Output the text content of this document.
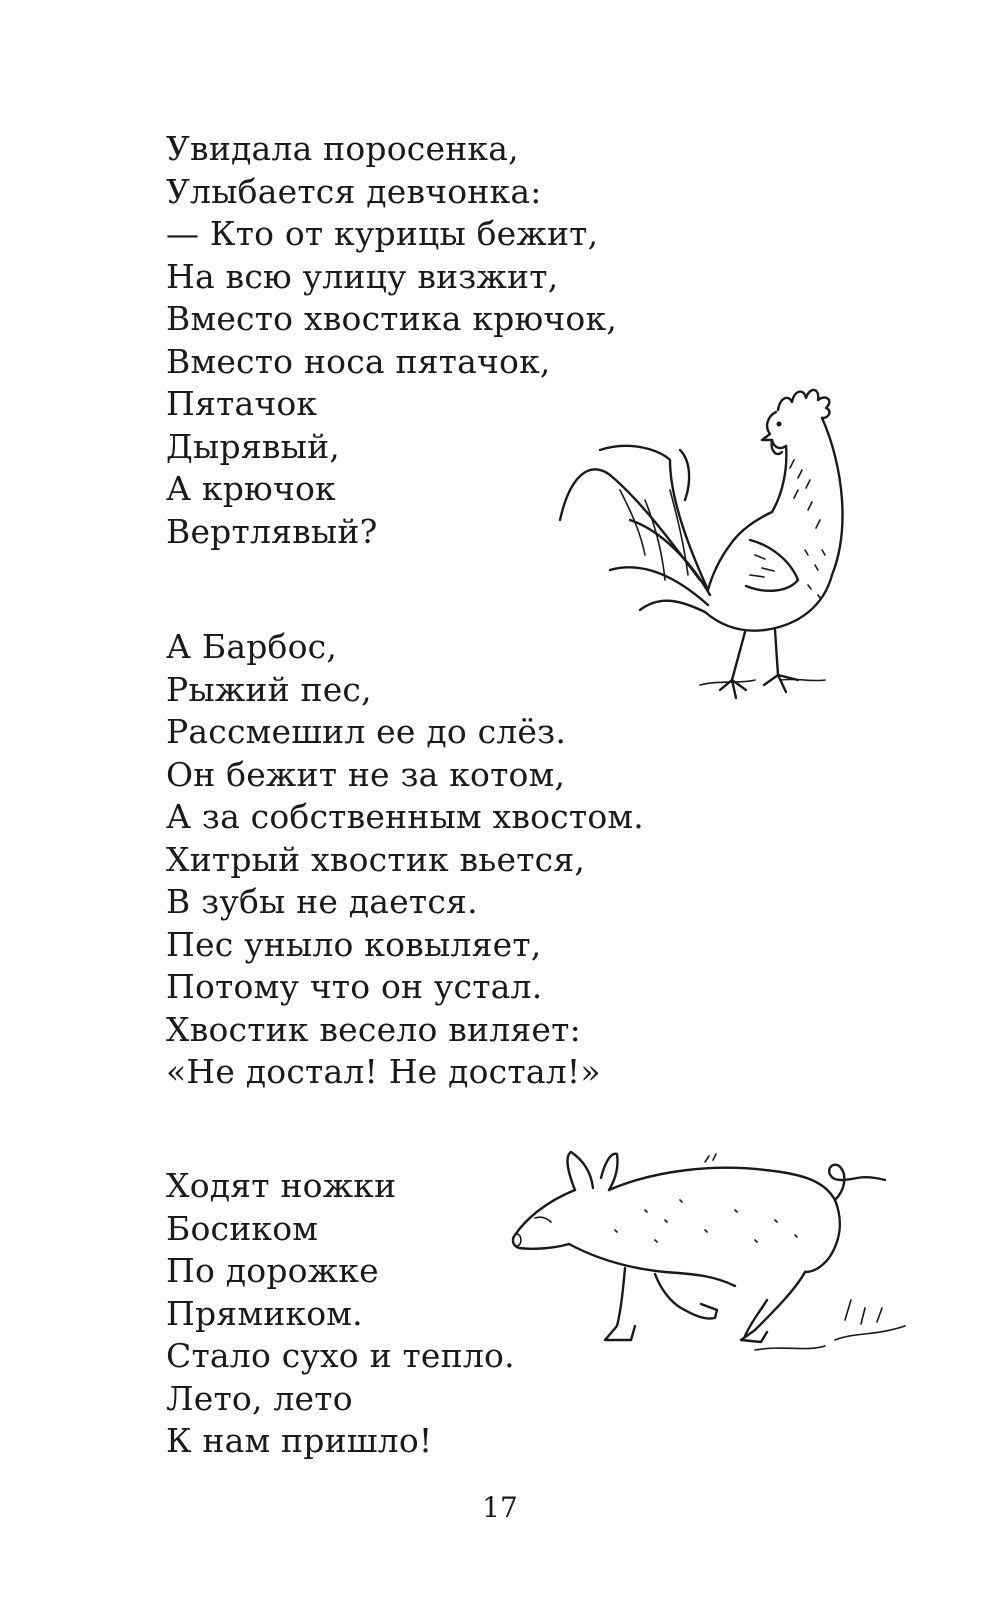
Увидала поросенка,
Улыбается девчонка:
— Кто от курицы бежит,
На всю улицу визжит,
Вместо хвостика крючок,
Вместо носа пятачок,
Пятачок
Дырявый,
А крючок
Вертлявый?
А Барбос,
Рыжий пес,
Рассмешил ее до слёз.
Он бежит не за котом,
А за собственным хвостом.
Хитрый хвостик вьется,
В зубы не дается.
Пес уныло ковыляет,
Потому что он устал.
Хвостик весело виляет:
«Не достал! Не достал!»
Ходят ножки
Босиком
По дорожке
Прямиком.
Стало сухо и тепло.
Лето, лето
К нам пришло!
17
